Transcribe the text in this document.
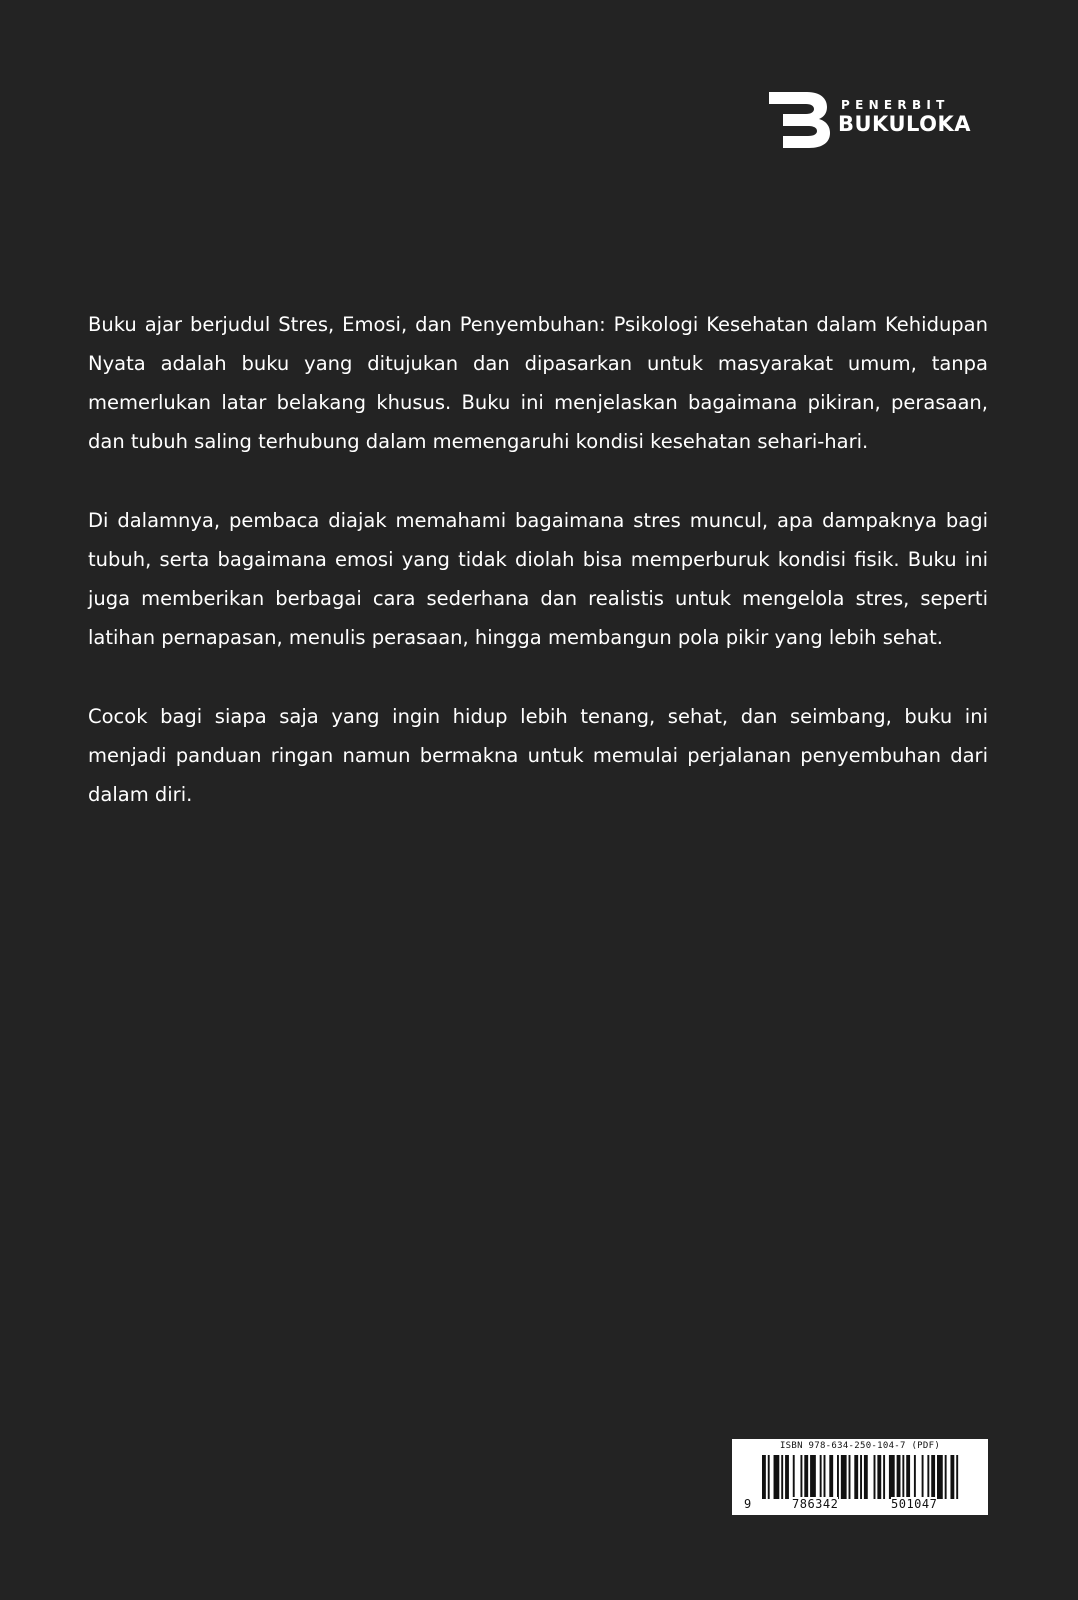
PENERBIT
BUKULOKA

Buku ajar berjudul Stres, Emosi, dan Penyembuhan: Psikologi Kesehatan dalam Kehidupan Nyata adalah buku yang ditujukan dan dipasarkan untuk masyarakat umum, tanpa memerlukan latar belakang khusus. Buku ini menjelaskan bagaimana pikiran, perasaan, dan tubuh saling terhubung dalam memengaruhi kondisi kesehatan sehari-hari.

Di dalamnya, pembaca diajak memahami bagaimana stres muncul, apa dampaknya bagi tubuh, serta bagaimana emosi yang tidak diolah bisa memperburuk kondisi fisik. Buku ini juga memberikan berbagai cara sederhana dan realistis untuk mengelola stres, seperti latihan pernapasan, menulis perasaan, hingga membangun pola pikir yang lebih sehat.

Cocok bagi siapa saja yang ingin hidup lebih tenang, sehat, dan seimbang, buku ini menjadi panduan ringan namun bermakna untuk memulai perjalanan penyembuhan dari dalam diri.

ISBN 978-634-250-104-7 (PDF)
9	786342	501047
